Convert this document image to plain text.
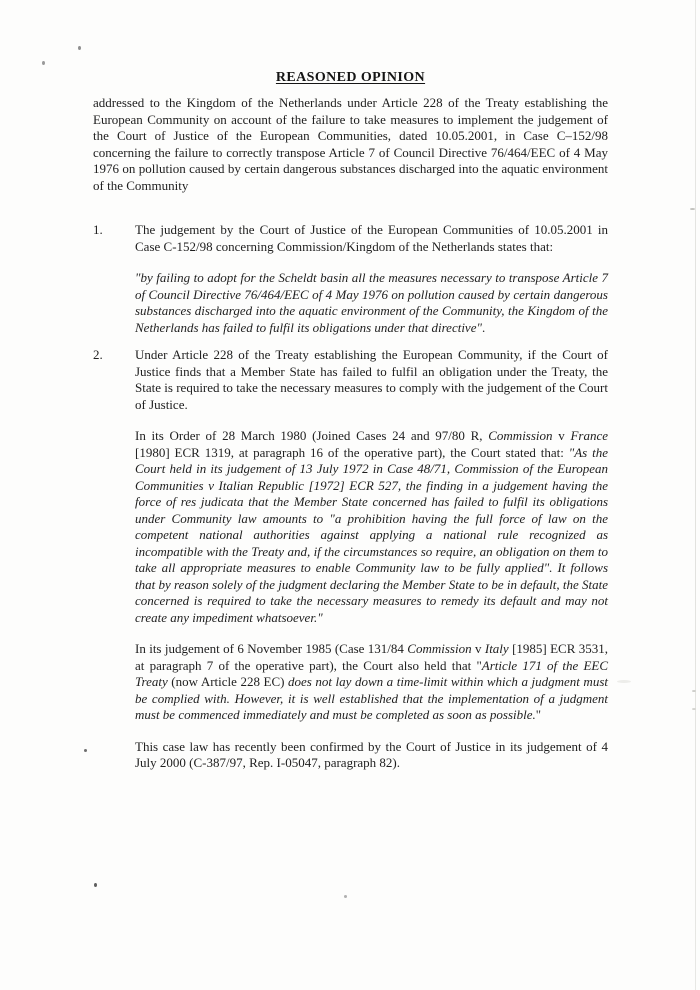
REASONED OPINION
addressed to the Kingdom of the Netherlands under Article 228 of the Treaty establishing the European Community on account of the failure to take measures to implement the judgement of the Court of Justice of the European Communities, dated 10.05.2001, in Case C–152/98 concerning the failure to correctly transpose Article 7 of Council Directive 76/464/EEC of 4 May 1976 on pollution caused by certain dangerous substances discharged into the aquatic environment of the Community
1.	The judgement by the Court of Justice of the European Communities of 10.05.2001 in Case C-152/98 concerning Commission/Kingdom of the Netherlands states that:
"by failing to adopt for the Scheldt basin all the measures necessary to transpose Article 7 of Council Directive 76/464/EEC of 4 May 1976 on pollution caused by certain dangerous substances discharged into the aquatic environment of the Community, the Kingdom of the Netherlands has failed to fulfil its obligations under that directive".
2.	Under Article 228 of the Treaty establishing the European Community, if the Court of Justice finds that a Member State has failed to fulfil an obligation under the Treaty, the State is required to take the necessary measures to comply with the judgement of the Court of Justice.
In its Order of 28 March 1980 (Joined Cases 24 and 97/80 R, Commission v France [1980] ECR 1319, at paragraph 16 of the operative part), the Court stated that: "As the Court held in its judgement of 13 July 1972 in Case 48/71, Commission of the European Communities v Italian Republic [1972] ECR 527, the finding in a judgement having the force of res judicata that the Member State concerned has failed to fulfil its obligations under Community law amounts to "a prohibition having the full force of law on the competent national authorities against applying a national rule recognized as incompatible with the Treaty and, if the circumstances so require, an obligation on them to take all appropriate measures to enable Community law to be fully applied". It follows that by reason solely of the judgment declaring the Member State to be in default, the State concerned is required to take the necessary measures to remedy its default and may not create any impediment whatsoever."
In its judgement of 6 November 1985 (Case 131/84 Commission v Italy [1985] ECR 3531, at paragraph 7 of the operative part), the Court also held that "Article 171 of the EEC Treaty (now Article 228 EC) does not lay down a time-limit within which a judgment must be complied with. However, it is well established that the implementation of a judgment must be commenced immediately and must be completed as soon as possible."
This case law has recently been confirmed by the Court of Justice in its judgement of 4 July 2000 (C-387/97, Rep. I-05047, paragraph 82).
